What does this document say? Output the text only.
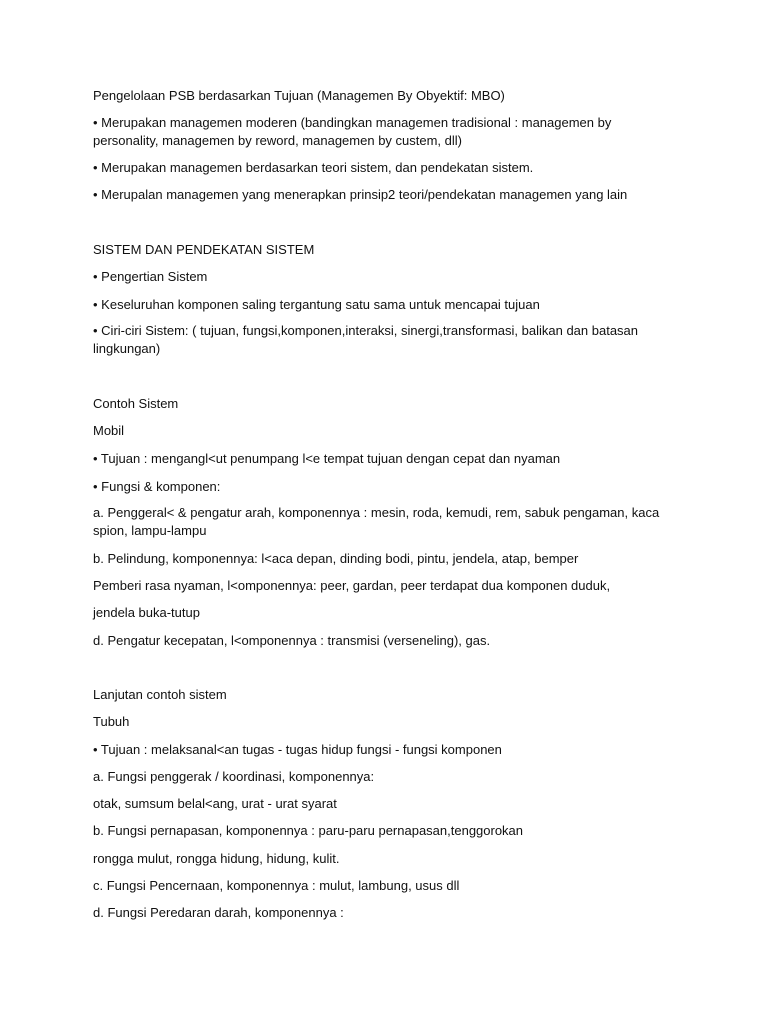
Pengelolaan PSB berdasarkan Tujuan (Managemen By Obyektif: MBO)
• Merupakan managemen moderen (bandingkan managemen tradisional : managemen by personality, managemen by reword, managemen by custem, dll)
• Merupakan managemen berdasarkan teori sistem, dan pendekatan sistem.
• Merupalan managemen yang menerapkan prinsip2 teori/pendekatan managemen yang lain
SISTEM DAN PENDEKATAN SISTEM
• Pengertian Sistem
• Keseluruhan komponen saling tergantung satu sama untuk mencapai tujuan
• Ciri-ciri Sistem: ( tujuan, fungsi,komponen,interaksi, sinergi,transformasi, balikan dan batasan lingkungan)
Contoh Sistem
Mobil
• Tujuan : mengangl<ut penumpang l<e tempat tujuan dengan cepat dan nyaman
• Fungsi & komponen:
a. Penggeral< & pengatur arah, komponennya : mesin, roda, kemudi, rem, sabuk pengaman, kaca spion, lampu-lampu
b. Pelindung, komponennya: l<aca depan, dinding bodi, pintu, jendela, atap, bemper
Pemberi rasa nyaman, l<omponennya: peer, gardan, peer terdapat dua komponen duduk,
jendela buka-tutup
d. Pengatur kecepatan, l<omponennya : transmisi (verseneling), gas.
Lanjutan contoh sistem
Tubuh
• Tujuan : melaksanal<an tugas - tugas hidup fungsi - fungsi komponen
a. Fungsi penggerak / koordinasi, komponennya:
otak, sumsum belal<ang, urat - urat syarat
b. Fungsi pernapasan, komponennya : paru-paru pernapasan,tenggorokan
rongga mulut, rongga hidung, hidung, kulit.
c. Fungsi Pencernaan, komponennya : mulut, lambung, usus dll
d. Fungsi Peredaran darah, komponennya :
